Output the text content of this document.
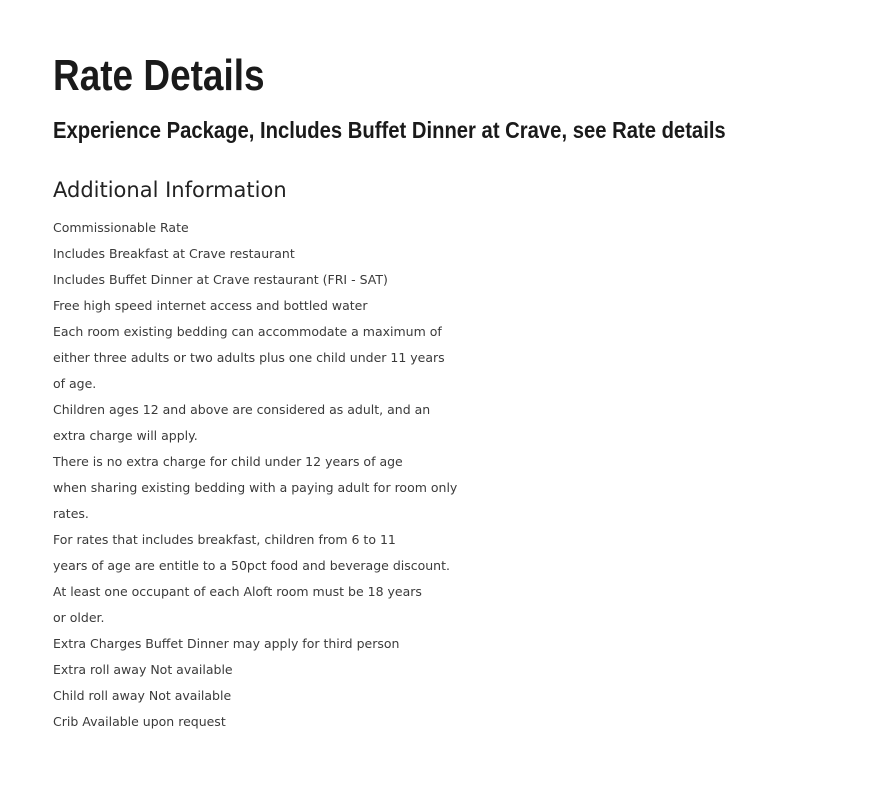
Rate Details
Experience Package, Includes Buffet Dinner at Crave, see Rate details
Additional Information
Commissionable Rate
Includes Breakfast at Crave restaurant
Includes Buffet Dinner at Crave restaurant (FRI - SAT)
Free high speed internet access and bottled water
Each room existing bedding can accommodate a maximum of
either three adults or two adults plus one child under 11 years
of age.
Children ages 12 and above are considered as adult, and an
extra charge will apply.
There is no extra charge for child under 12 years of age
when sharing existing bedding with a paying adult for room only
rates.
For rates that includes breakfast, children from 6 to 11
years of age are entitle to a 50pct food and beverage discount.
At least one occupant of each Aloft room must be 18 years
or older.
Extra Charges Buffet Dinner may apply for third person
Extra roll away Not available
Child roll away Not available
Crib Available upon request
